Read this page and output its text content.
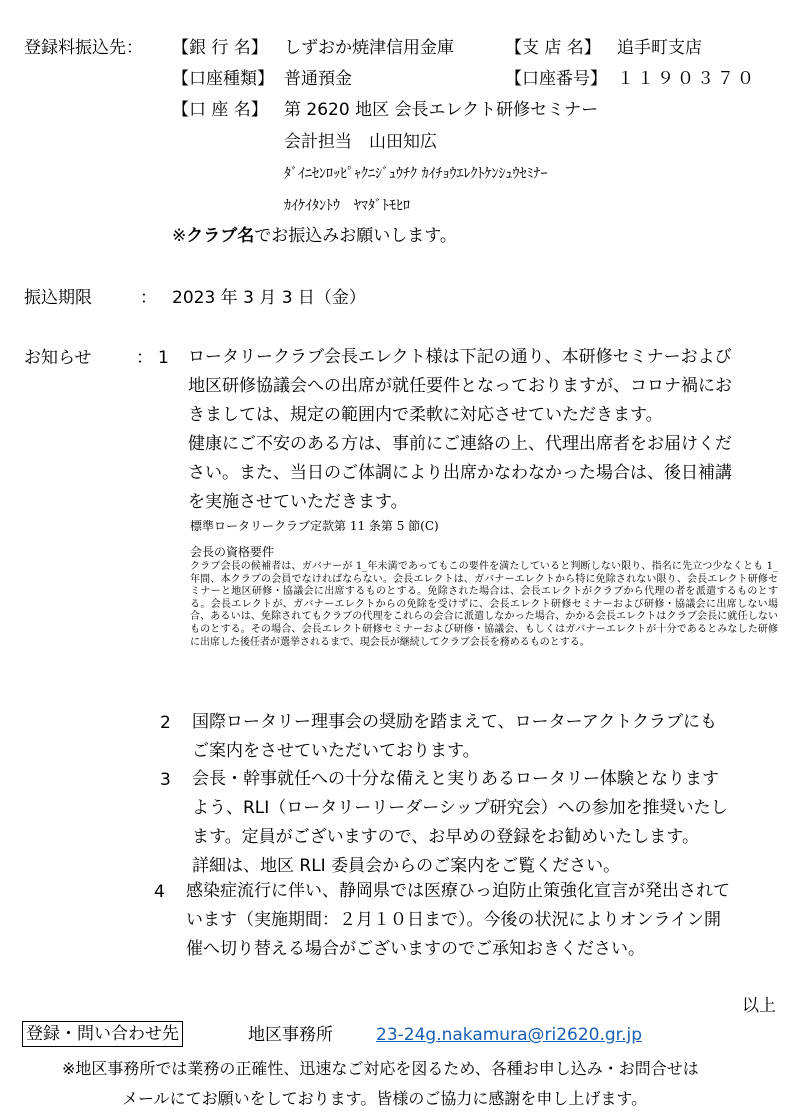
登録料振込先： 【銀 行 名】 しずおか焼津信用金庫	【支 店 名】 追手町支店
【口座種類】 普通預金	【口座番号】 １１９０３７０
【口 座 名】 第 2620 地区 会長エレクト研修セミナー
会計担当　山田知広
ﾀﾞｲﾆｾﾝﾛｯﾋﾟｬｸﾆｼﾞｭｳﾁｸ ｶｲﾁｮｳｴﾚｸﾄｹﾝｼｭｳｾﾐﾅｰ
ｶｲｹｲﾀﾝﾄｳ　ﾔﾏﾀﾞﾄﾓﾋﾛ
※クラブ名でお振込みお願いします。
振込期限	： 2023 年 3 月 3 日（金）
お知らせ	： 1 ロータリークラブ会長エレクト様は下記の通り、本研修セミナーおよび
地区研修協議会への出席が就任要件となっておりますが、コロナ禍にお
きましては、規定の範囲内で柔軟に対応させていただきます。
健康にご不安のある方は、事前にご連絡の上、代理出席者をお届けくだ
さい。また、当日のご体調により出席かなわなかった場合は、後日補講
を実施させていただきます。
標準ロータリークラブ定款第 11 条第 5 節(C)
会長の資格要件
クラブ会長の候補者は、ガバナーが 1_年未満であってもこの要件を満たしていると判断しない限り、指名に先立つ少なくとも 1_年間、本クラブの会員でなければならない。会長エレクトは、ガバナーエレクトから特に免除されない限り、会長エレクト研修セミナーと地区研修・協議会に出席するものとする。免除された場合は、会長エレクトがクラブから代理の者を派遣するものとする。会長エレクトが、ガバナーエレクトからの免除を受けずに、会長エレクト研修セミナーおよび研修・協議会に出席しない場合、あるいは、免除されてもクラブの代理をこれらの会合に派遣しなかった場合、かかる会長エレクトはクラブ会長に就任しないものとする。その場合、会長エレクト研修セミナーおよび研修・協議会、もしくはガバナーエレクトが十分であるとみなした研修に出席した後任者が選挙されるまで、現会長が継続してクラブ会長を務めるものとする。
2 国際ロータリー理事会の奨励を踏まえて、ローターアクトクラブにも
ご案内をさせていただいております。
3 会長・幹事就任への十分な備えと実りあるロータリー体験となります
よう、RLI（ロータリーリーダーシップ研究会）への参加を推奨いたし
ます。定員がございますので、お早めの登録をお勧めいたします。
詳細は、地区 RLI 委員会からのご案内をご覧ください。
4 感染症流行に伴い、静岡県では医療ひっ迫防止策強化宣言が発出されて
います（実施期間：２月１０日まで）。今後の状況によりオンライン開
催へ切り替える場合がございますのでご承知おきください。
以上
登録・問い合わせ先	地区事務所	23-24g.nakamura@ri2620.gr.jp
※地区事務所では業務の正確性、迅速なご対応を図るため、各種お申し込み・お問合せは
メールにてお願いをしております。皆様のご協力に感謝を申し上げます。
